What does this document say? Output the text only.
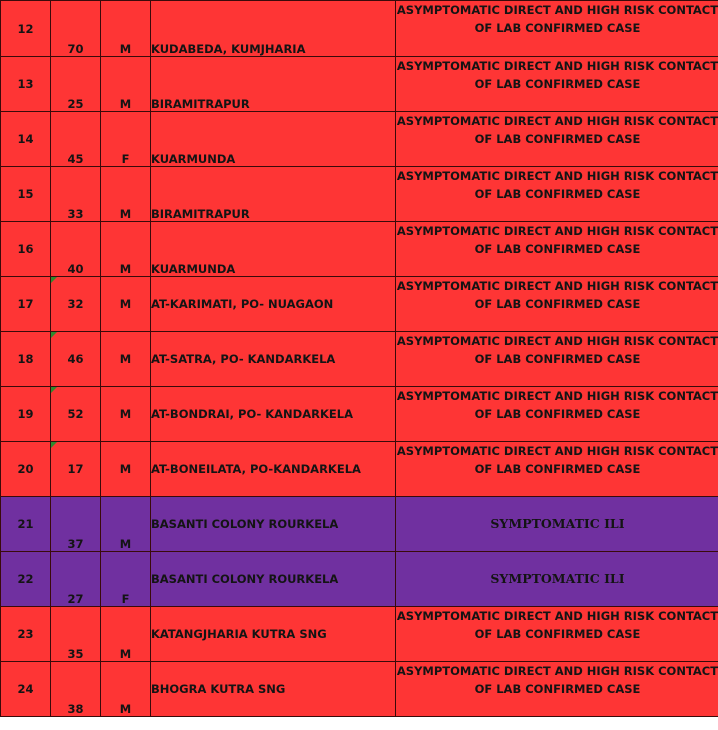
12	70	M	KUDABEDA, KUMJHARIA	ASYMPTOMATIC DIRECT AND HIGH RISK CONTACT OF LAB CONFIRMED CASE
13	25	M	BIRAMITRAPUR	ASYMPTOMATIC DIRECT AND HIGH RISK CONTACT OF LAB CONFIRMED CASE
14	45	F	KUARMUNDA	ASYMPTOMATIC DIRECT AND HIGH RISK CONTACT OF LAB CONFIRMED CASE
15	33	M	BIRAMITRAPUR	ASYMPTOMATIC DIRECT AND HIGH RISK CONTACT OF LAB CONFIRMED CASE
16	40	M	KUARMUNDA	ASYMPTOMATIC DIRECT AND HIGH RISK CONTACT OF LAB CONFIRMED CASE
17	32	M	AT-KARIMATI, PO- NUAGAON	ASYMPTOMATIC DIRECT AND HIGH RISK CONTACT OF LAB CONFIRMED CASE
18	46	M	AT-SATRA, PO- KANDARKELA	ASYMPTOMATIC DIRECT AND HIGH RISK CONTACT OF LAB CONFIRMED CASE
19	52	M	AT-BONDRAI, PO- KANDARKELA	ASYMPTOMATIC DIRECT AND HIGH RISK CONTACT OF LAB CONFIRMED CASE
20	17	M	AT-BONEILATA, PO-KANDARKELA	ASYMPTOMATIC DIRECT AND HIGH RISK CONTACT OF LAB CONFIRMED CASE
21	37	M	BASANTI COLONY ROURKELA	SYMPTOMATIC ILI
22	27	F	BASANTI COLONY ROURKELA	SYMPTOMATIC ILI
23	35	M	KATANGJHARIA KUTRA SNG	ASYMPTOMATIC DIRECT AND HIGH RISK CONTACT OF LAB CONFIRMED CASE
24	38	M	BHOGRA KUTRA SNG	ASYMPTOMATIC DIRECT AND HIGH RISK CONTACT OF LAB CONFIRMED CASE
